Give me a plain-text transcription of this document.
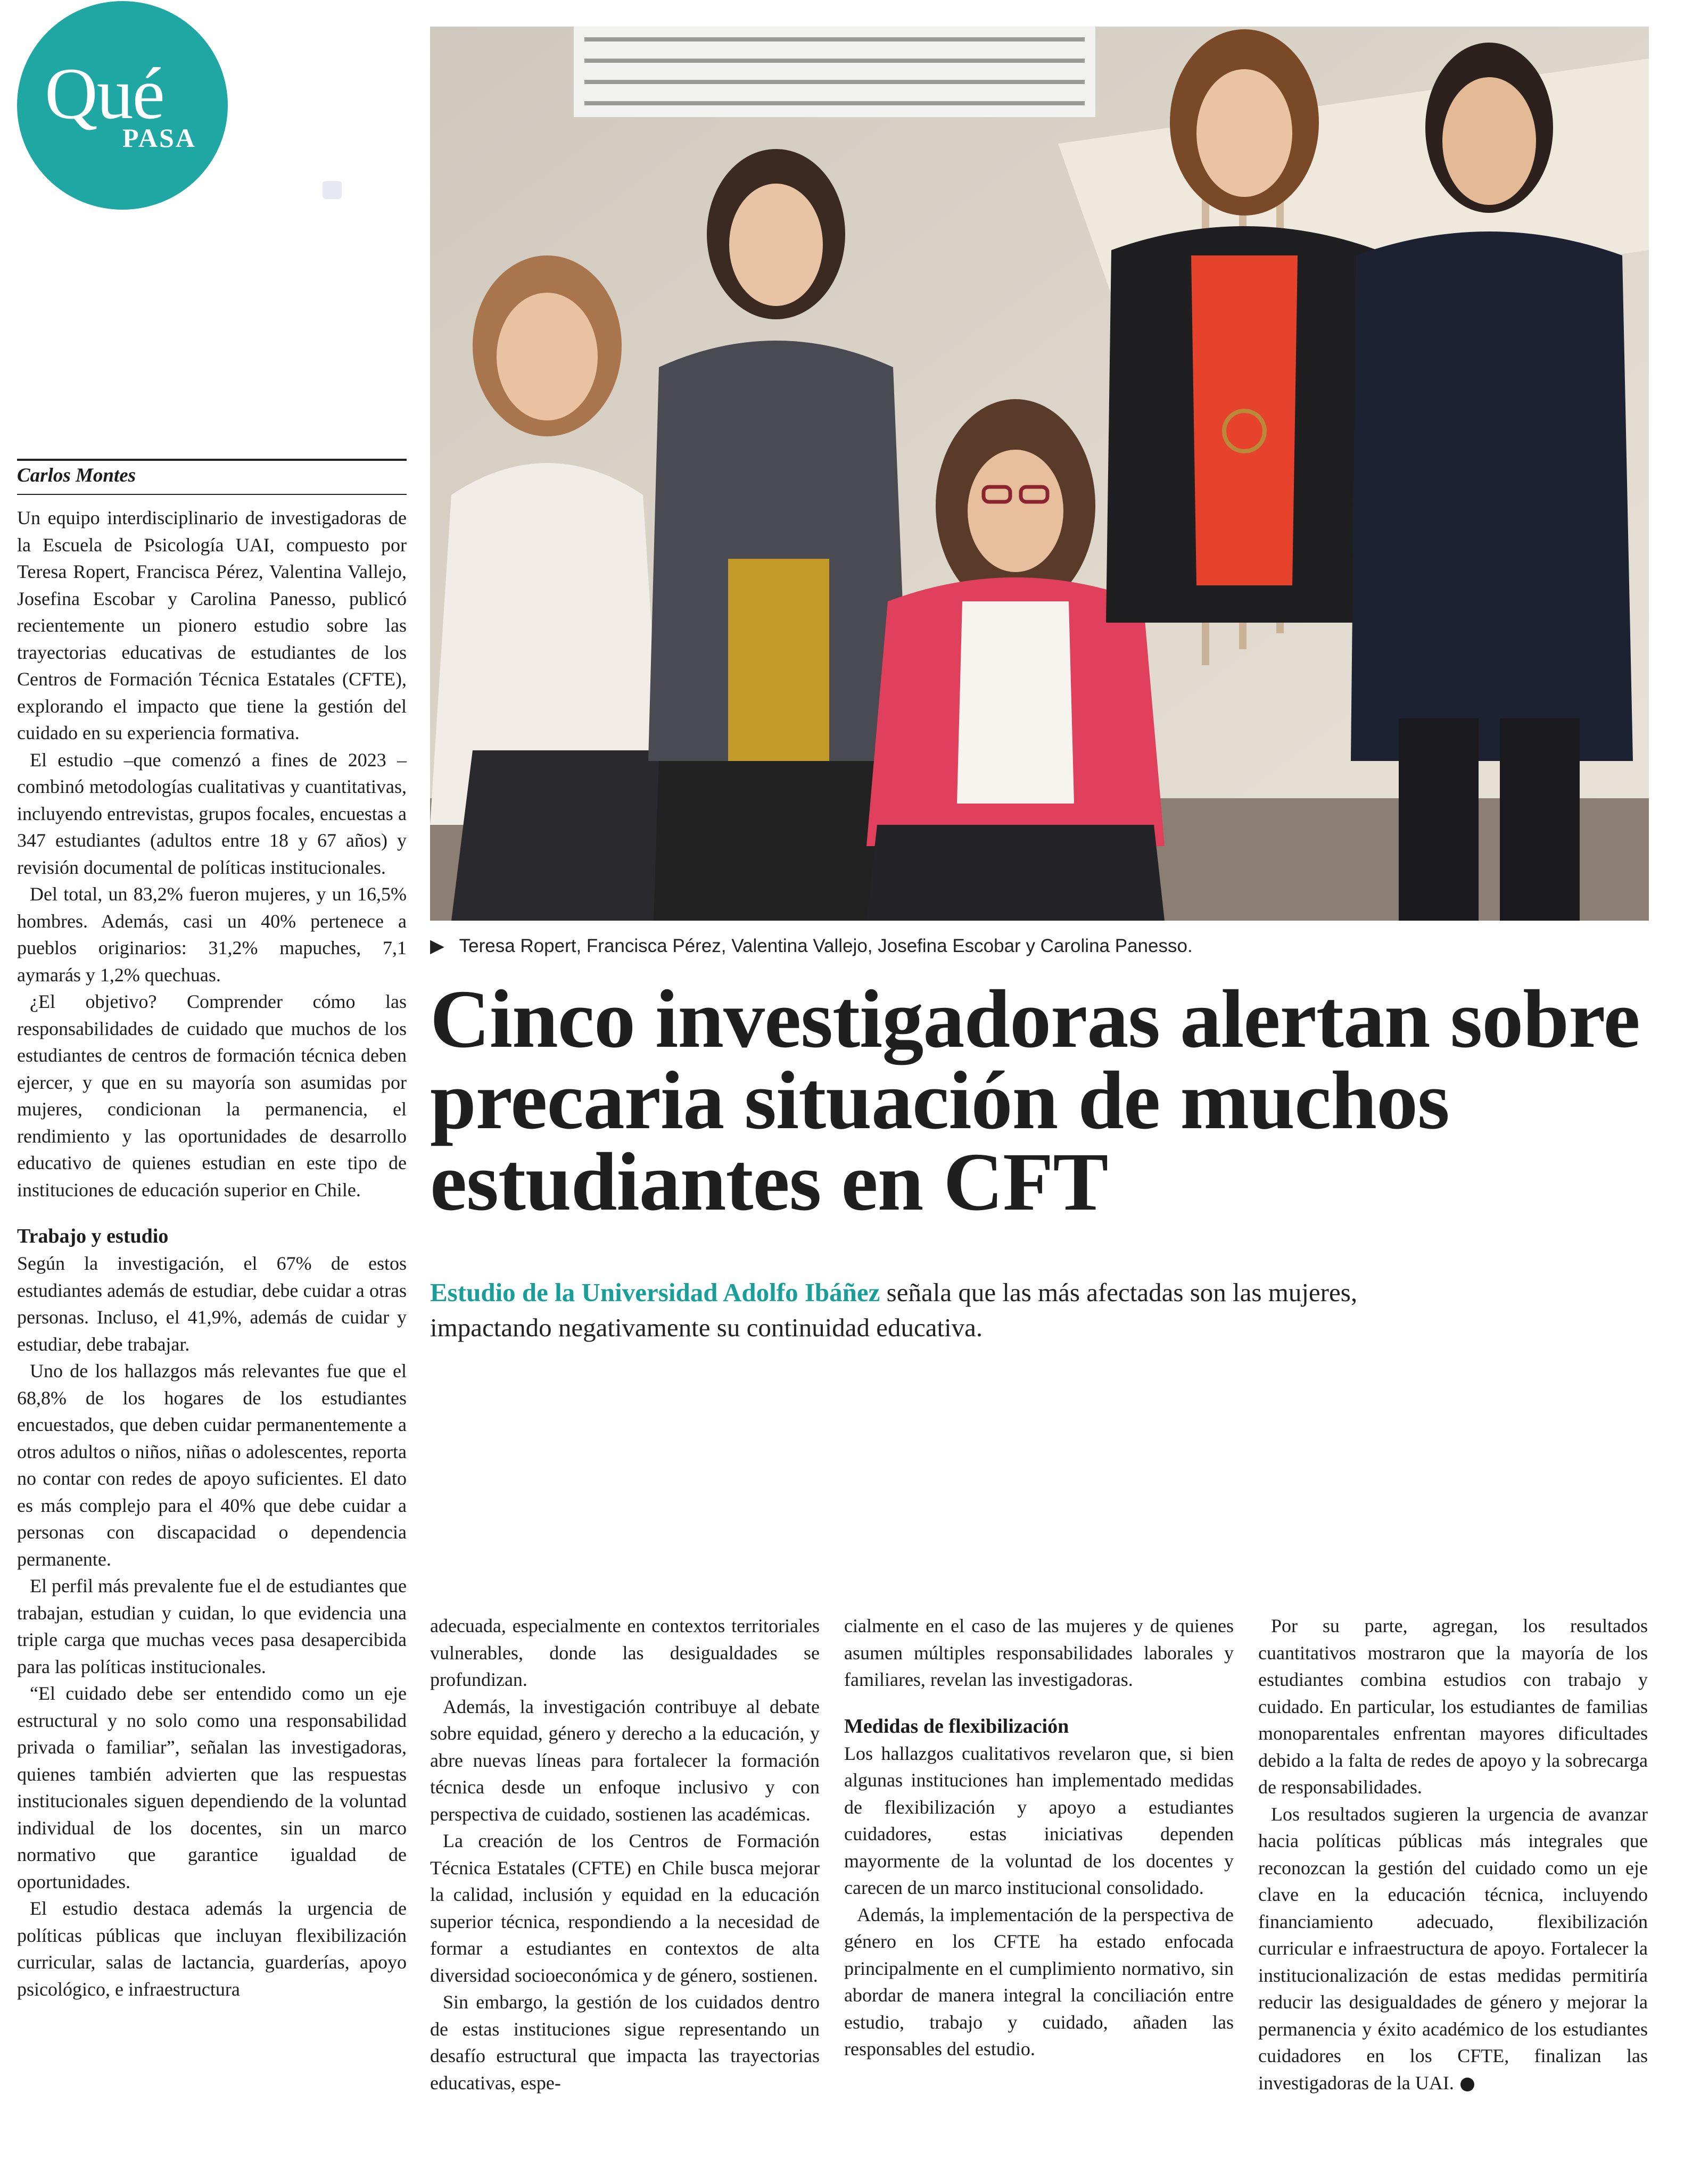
Qué
PASA
▶ Teresa Ropert, Francisca Pérez, Valentina Vallejo, Josefina Escobar y Carolina Panesso.
Cinco investigadoras alertan sobre precaria situación de muchos estudiantes en CFT
Estudio de la Universidad Adolfo Ibáñez señala que las más afectadas son las mujeres, impactando negativamente su continuidad educativa.
Carlos Montes

Un equipo interdisciplinario de investigadoras de la Escuela de Psicología UAI, compuesto por Teresa Ropert, Francisca Pérez, Valentina Vallejo, Josefina Escobar y Carolina Panesso, publicó recientemente un pionero estudio sobre las trayectorias educativas de estudiantes de los Centros de Formación Técnica Estatales (CFTE), explorando el impacto que tiene la gestión del cuidado en su experiencia formativa.

El estudio –que comenzó a fines de 2023 – combinó metodologías cualitativas y cuantitativas, incluyendo entrevistas, grupos focales, encuestas a 347 estudiantes (adultos entre 18 y 67 años) y revisión documental de políticas institucionales.

Del total, un 83,2% fueron mujeres, y un 16,5% hombres. Además, casi un 40% pertenece a pueblos originarios: 31,2% mapuches, 7,1 aymarás y 1,2% quechuas.

¿El objetivo? Comprender cómo las responsabilidades de cuidado que muchos de los estudiantes de centros de formación técnica deben ejercer, y que en su mayoría son asumidas por mujeres, condicionan la permanencia, el rendimiento y las oportunidades de desarrollo educativo de quienes estudian en este tipo de instituciones de educación superior en Chile.

Trabajo y estudio

Según la investigación, el 67% de estos estudiantes además de estudiar, debe cuidar a otras personas. Incluso, el 41,9%, además de cuidar y estudiar, debe trabajar.

Uno de los hallazgos más relevantes fue que el 68,8% de los hogares de los estudiantes encuestados, que deben cuidar permanentemente a otros adultos o niños, niñas o adolescentes, reporta no contar con redes de apoyo suficientes. El dato es más complejo para el 40% que debe cuidar a personas con discapacidad o dependencia permanente.

El perfil más prevalente fue el de estudiantes que trabajan, estudian y cuidan, lo que evidencia una triple carga que muchas veces pasa desapercibida para las políticas institucionales.

“El cuidado debe ser entendido como un eje estructural y no solo como una responsabilidad privada o familiar”, señalan las investigadoras, quienes también advierten que las respuestas institucionales siguen dependiendo de la voluntad individual de los docentes, sin un marco normativo que garantice igualdad de oportunidades.

El estudio destaca además la urgencia de políticas públicas que incluyan flexibilización curricular, salas de lactancia, guarderías, apoyo psicológico, e infraestructura

adecuada, especialmente en contextos territoriales vulnerables, donde las desigualdades se profundizan.

Además, la investigación contribuye al debate sobre equidad, género y derecho a la educación, y abre nuevas líneas para fortalecer la formación técnica desde un enfoque inclusivo y con perspectiva de cuidado, sostienen las académicas.

La creación de los Centros de Formación Técnica Estatales (CFTE) en Chile busca mejorar la calidad, inclusión y equidad en la educación superior técnica, respondiendo a la necesidad de formar a estudiantes en contextos de alta diversidad socioeconómica y de género, sostienen.

Sin embargo, la gestión de los cuidados dentro de estas instituciones sigue representando un desafío estructural que impacta las trayectorias educativas, espe-

cialmente en el caso de las mujeres y de quienes asumen múltiples responsabilidades laborales y familiares, revelan las investigadoras.

Medidas de flexibilización

Los hallazgos cualitativos revelaron que, si bien algunas instituciones han implementado medidas de flexibilización y apoyo a estudiantes cuidadores, estas iniciativas dependen mayormente de la voluntad de los docentes y carecen de un marco institucional consolidado.

Además, la implementación de la perspectiva de género en los CFTE ha estado enfocada principalmente en el cumplimiento normativo, sin abordar de manera integral la conciliación entre estudio, trabajo y cuidado, añaden las responsables del estudio.

Por su parte, agregan, los resultados cuantitativos mostraron que la mayoría de los estudiantes combina estudios con trabajo y cuidado. En particular, los estudiantes de familias monoparentales enfrentan mayores dificultades debido a la falta de redes de apoyo y la sobrecarga de responsabilidades.

Los resultados sugieren la urgencia de avanzar hacia políticas públicas más integrales que reconozcan la gestión del cuidado como un eje clave en la educación técnica, incluyendo financiamiento adecuado, flexibilización curricular e infraestructura de apoyo. Fortalecer la institucionalización de estas medidas permitiría reducir las desigualdades de género y mejorar la permanencia y éxito académico de los estudiantes cuidadores en los CFTE, finalizan las investigadoras de la UAI.
